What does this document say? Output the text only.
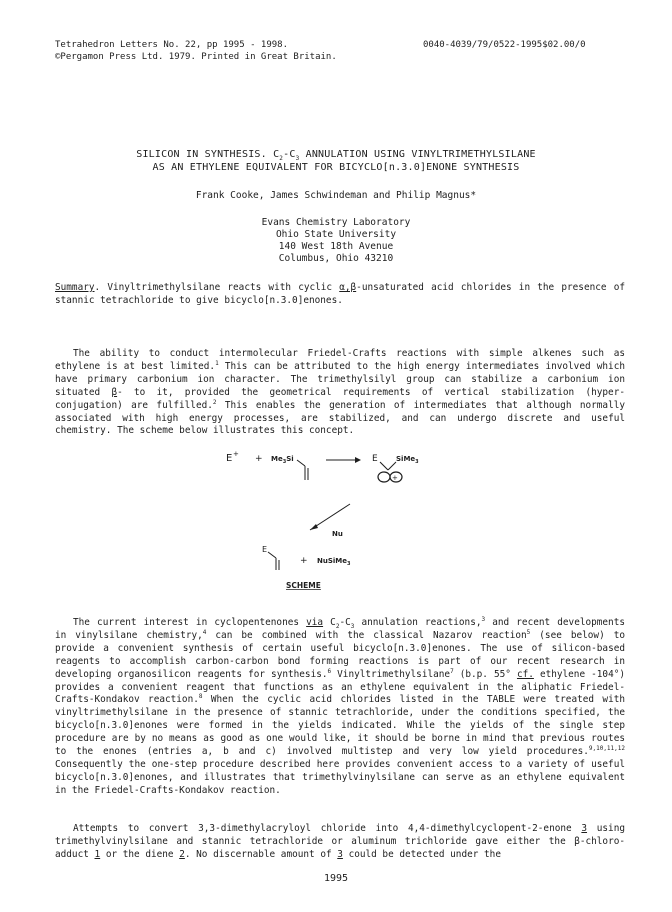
Tetrahedron Letters No. 22, pp 1995 - 1998.
©Pergamon Press Ltd. 1979. Printed in Great Britain.
0040-4039/79/0522-1995$02.00/0
SILICON IN SYNTHESIS. $C_2-C_3$ ANNULATION USING VINYLTRIMETHYLSILANE
AS AN ETHYLENE EQUIVALENT FOR BICYCLO[n.3.0]ENONE SYNTHESIS
Frank Cooke, James Schwindeman and Philip Magnus*
Evans Chemistry Laboratory
Ohio State University
140 West 18th Avenue
Columbus, Ohio 43210

Summary. Vinyltrimethylsilane reacts with cyclic α,β-unsaturated acid chlorides in the presence of stannic tetrachloride to give bicyclo[n.3.0]enones.

The ability to conduct intermolecular Friedel-Crafts reactions with simple alkenes such as ethylene is at best limited.$^1$ This can be attributed to the high energy intermediates involved which have primary carbonium ion character. The trimethylsilyl group can stabilize a carbonium ion situated β- to it, provided the geometrical requirements of vertical stabilization (hyper-conjugation) are fulfilled.$^2$ This enables the generation of intermediates that although normally associated with high energy processes, are stabilized, and can undergo discrete and useful chemistry. The scheme below illustrates this concept.

E + + $Me_3Si$	E	SiMe$_3$
+
Nu
E
+ NuSiMe$_3$
SCHEME

The current interest in cyclopentenones via $C_2-C_3$ annulation reactions,$^3$ and recent developments in vinylsilane chemistry,$^4$ can be combined with the classical Nazarov reaction$^5$ (see below) to provide a convenient synthesis of certain useful bicyclo[n.3.0]enones. The use of silicon-based reagents to accomplish carbon-carbon bond forming reactions is part of our recent research in developing organosilicon reagents for synthesis.$^6$ Vinyltrimethylsilane$^7$ (b.p. 55° cf. ethylene -104°) provides a convenient reagent that functions as an ethylene equivalent in the aliphatic Friedel-Crafts-Kondakov reaction.$^8$ When the cyclic acid chlorides listed in the TABLE were treated with vinyltrimethylsilane in the presence of stannic tetrachloride, under the conditions specified, the bicyclo[n.3.0]enones were formed in the yields indicated. While the yields of the single step procedure are by no means as good as one would like, it should be borne in mind that previous routes to the enones (entries a, b and c) involved multistep and very low yield procedures.$^{9,10,11,12}$ Consequently the one-step procedure described here provides convenient access to a variety of useful bicyclo[n.3.0]enones, and illustrates that trimethylvinylsilane can serve as an ethylene equivalent in the Friedel-Crafts-Kondakov reaction.

Attempts to convert 3,3-dimethylacryloyl chloride into 4,4-dimethylcyclopent-2-enone 3 using trimethylvinylsilane and stannic tetrachloride or aluminum trichloride gave either the β-chloro-adduct 1 or the diene 2. No discernable amount of 3 could be detected under the

1995
